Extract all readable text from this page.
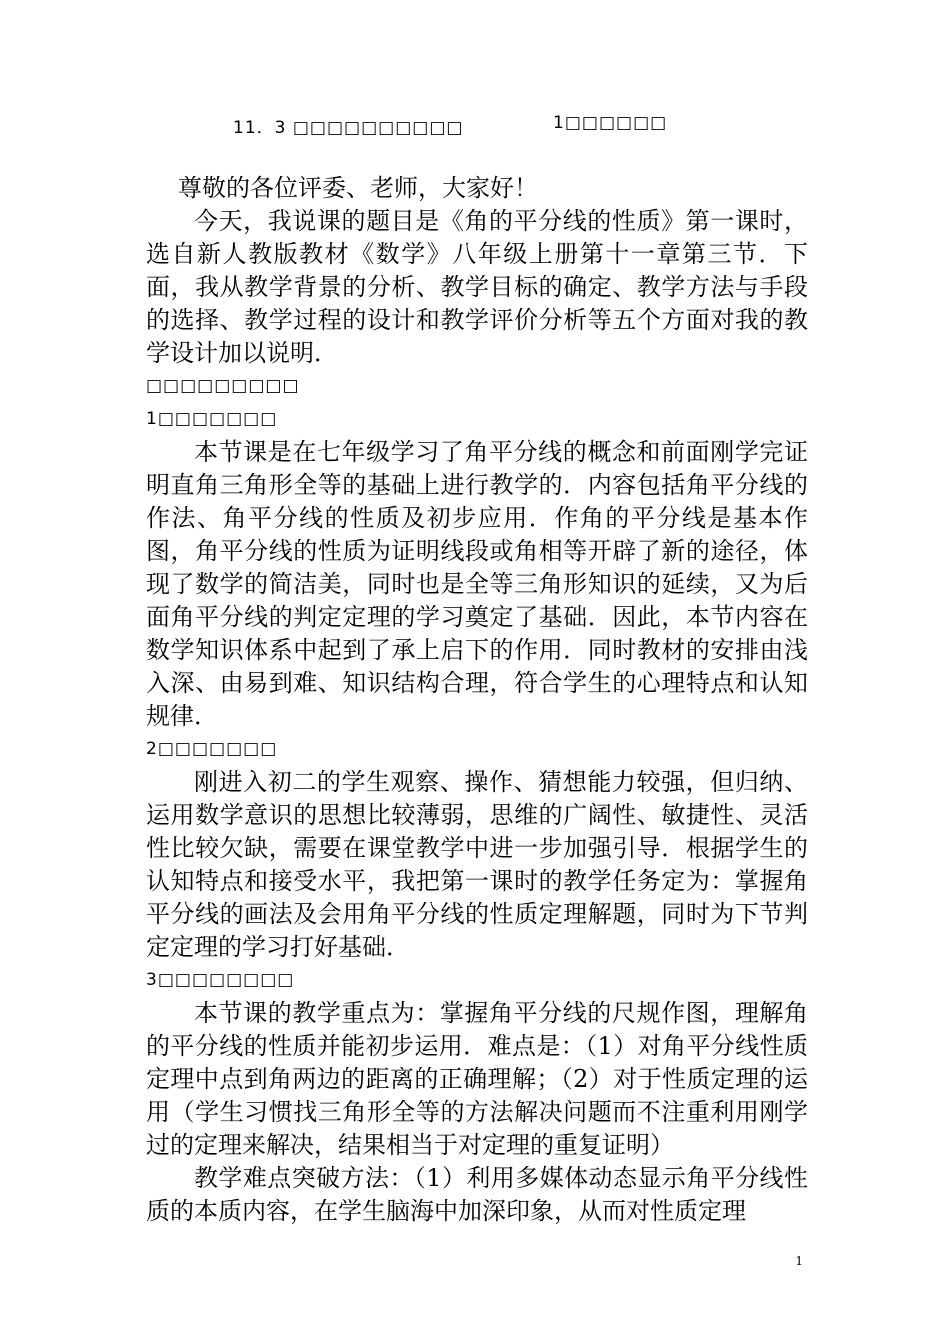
11．3 □□□□□□□□□□	1□□□□□□

尊敬的各位评委、老师，大家好！

今天，我说课的题目是《角的平分线的性质》第一课时，选自新人教版教材《数学》八年级上册第十一章第三节．下面，我从教学背景的分析、教学目标的确定、教学方法与手段的选择、教学过程的设计和教学评价分析等五个方面对我的教学设计加以说明．

□□□□□□□□□
1□□□□□□□

本节课是在七年级学习了角平分线的概念和前面刚学完证明直角三角形全等的基础上进行教学的．内容包括角平分线的作法、角平分线的性质及初步应用．作角的平分线是基本作图，角平分线的性质为证明线段或角相等开辟了新的途径，体现了数学的简洁美，同时也是全等三角形知识的延续，又为后面角平分线的判定定理的学习奠定了基础．因此，本节内容在数学知识体系中起到了承上启下的作用．同时教材的安排由浅入深、由易到难、知识结构合理，符合学生的心理特点和认知规律．

2□□□□□□□

刚进入初二的学生观察、操作、猜想能力较强，但归纳、运用数学意识的思想比较薄弱，思维的广阔性、敏捷性、灵活性比较欠缺，需要在课堂教学中进一步加强引导．根据学生的认知特点和接受水平，我把第一课时的教学任务定为：掌握角平分线的画法及会用角平分线的性质定理解题，同时为下节判定定理的学习打好基础．

3□□□□□□□□

本节课的教学重点为：掌握角平分线的尺规作图，理解角的平分线的性质并能初步运用．难点是：（1）对角平分线性质定理中点到角两边的距离的正确理解；（2）对于性质定理的运用（学生习惯找三角形全等的方法解决问题而不注重利用刚学过的定理来解决，结果相当于对定理的重复证明）

教学难点突破方法：（1）利用多媒体动态显示角平分线性质的本质内容，在学生脑海中加深印象，从而对性质定理

1
